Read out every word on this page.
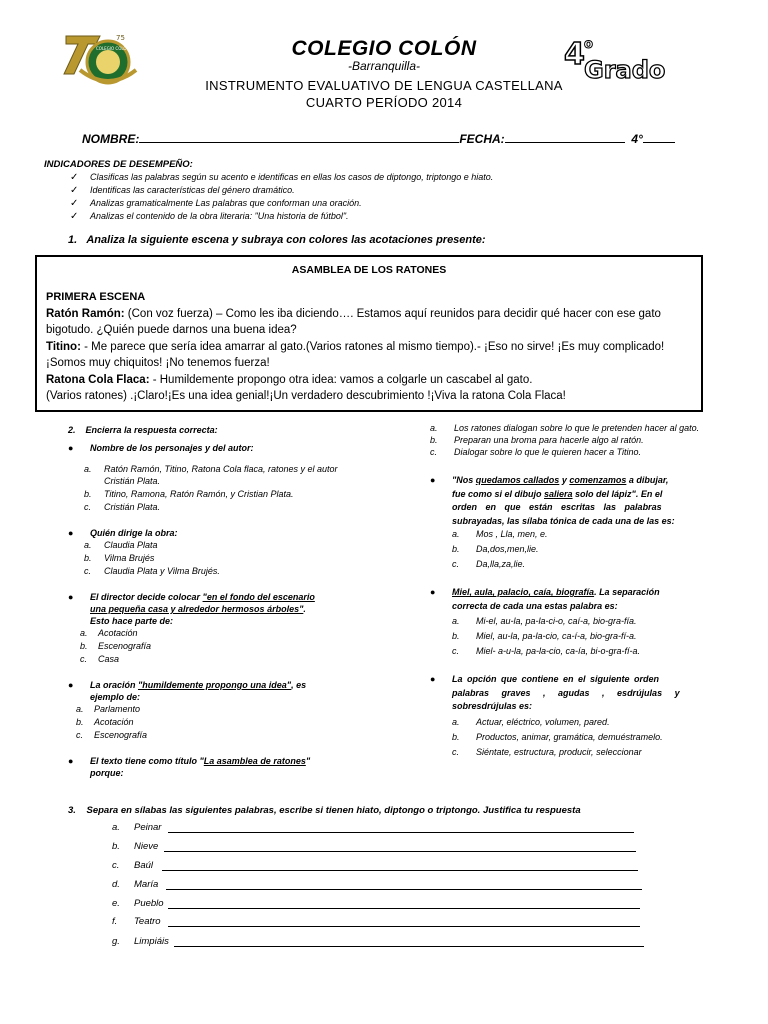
75
COLEGIO COLÓN	COLEGIO COLÓN
-Barranquilla-
INSTRUMENTO EVALUATIVO DE LENGUA CASTELLANA
CUARTO PERÍODO 2014
4 o
Grado
NOMBRE:	FECHA:	4°
INDICADORES DE DESEMPEÑO:
✓ Clasificas las palabras según su acento e identificas en ellas los casos de diptongo, triptongo e hiato.
✓ Identificas las características del género dramático.
✓ Analizas gramaticalmente Las palabras que conforman una oración.
✓ Analizas el contenido de la obra literaria: "Una historia de fútbol".
1. Analiza la siguiente escena y subraya con colores las acotaciones presente:
ASAMBLEA DE LOS RATONES
PRIMERA ESCENA
Ratón Ramón: (Con voz fuerza) – Como les iba diciendo…. Estamos aquí reunidos para decidir qué hacer con ese gato bigotudo. ¿Quién puede darnos una buena idea?
Titino: - Me parece que sería idea amarrar al gato.(Varios ratones al mismo tiempo).- ¡Eso no sirve! ¡Es muy complicado! ¡Somos muy chiquitos! ¡No tenemos fuerza!
Ratona Cola Flaca: - Humildemente propongo otra idea: vamos a colgarle un cascabel al gato.
(Varios ratones) .¡Claro!¡Es una idea genial!¡Un verdadero descubrimiento !¡Viva la ratona Cola Flaca!
2. Encierra la respuesta correcta:
● Nombre de los personajes y del autor:
a. Ratón Ramón, Titino, Ratona Cola flaca, ratones y el autor Cristián Plata.
b. Titino, Ramona, Ratón Ramón, y Cristian Plata.
c. Cristián Plata.
● Quién dirige la obra:
a. Claudia Plata
b. Vilma Brujés
c. Claudia Plata y Vilma Brujés.
● El director decide colocar "en el fondo del escenario
una pequeña casa y alrededor hermosos árboles".
Esto hace parte de:
a. Acotación
b. Escenografía
c. Casa
● La oración "humildemente propongo una idea", es
ejemplo de:
a. Parlamento
b. Acotación
c. Escenografía
● El texto tiene como título "La asamblea de ratones"
porque:
a. Los ratones dialogan sobre lo que le pretenden hacer al gato.
b. Preparan una broma para hacerle algo al ratón.
c. Dialogar sobre lo que le quieren hacer a Titino.
● "Nos quedamos callados y comenzamos a dibujar,
fue como si el dibujo saliera solo del lápiz". En el
orden en que están escritas las palabras
subrayadas, las sílaba tónica de cada una de las es:
a. Mos , Lla, men, e.
b. Da,dos,men,lie.
c. Da,lla,za,lie.
● Miel, aula, palacio, caía, biografía. La separación
correcta de cada una estas palabra es:
a. Mi-el, au-la, pa-la-ci-o, caí-a, bio-gra-fía.
b. Miel, au-la, pa-la-cio, ca-í-a, bio-gra-fí-a.
c. Miel- a-u-la, pa-la-cio, ca-ía, bi-o-gra-fí-a.
● La opción que contiene en el siguiente orden
palabras graves , agudas , esdrújulas y
sobresdrújulas es:
a. Actuar, eléctrico, volumen, pared.
b. Productos, animar, gramática, demuéstramelo.
c. Siéntate, estructura, producir, seleccionar
3. Separa en sílabas las siguientes palabras, escribe si tienen hiato, diptongo o triptongo. Justifica tu respuesta
a. Peinar
b. Nieve
c. Baúl
d. María
e. Pueblo
f. Teatro
g. Limpiáis
